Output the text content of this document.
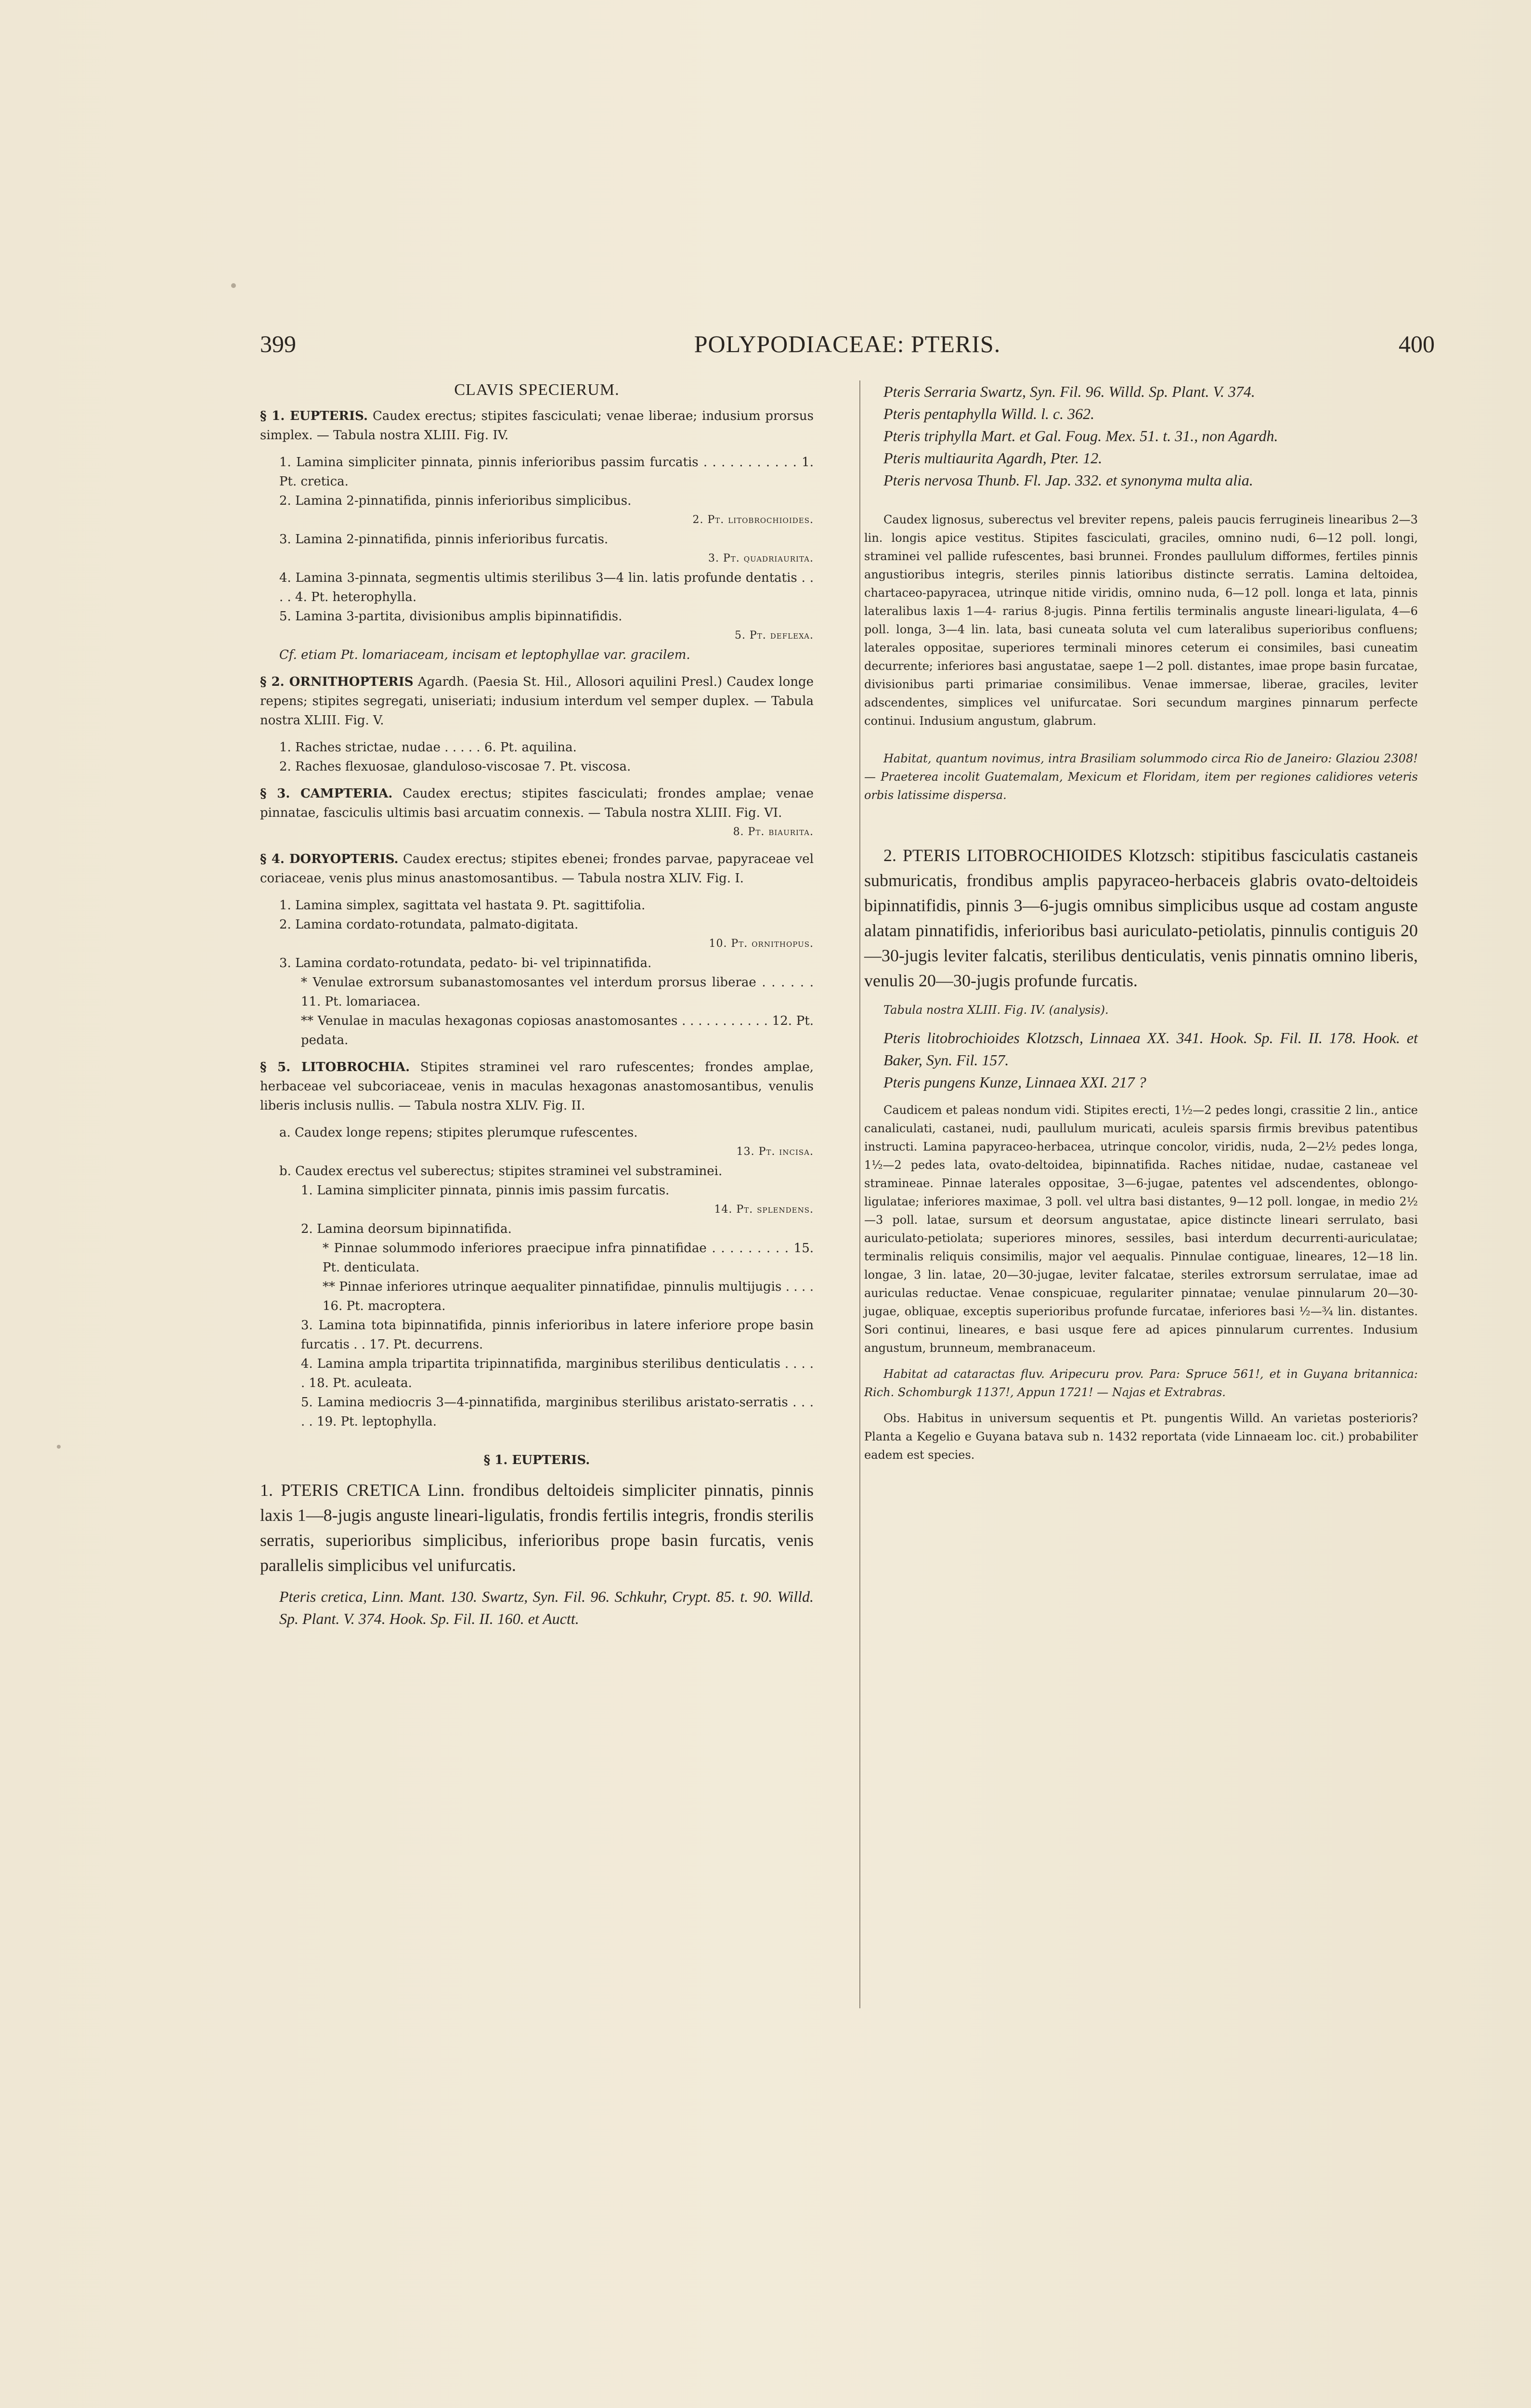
399	POLYPODIACEAE: PTERIS.	400
CLAVIS SPECIERUM.

§ 1. EUPTERIS. Caudex erectus; stipites fasciculati; venae liberae; indusium prorsus simplex. — Tabula nostra XLIII. Fig. IV.

1. Lamina simpliciter pinnata, pinnis inferioribus passim furcatis . . . . . . . . . . . 1. Pt. cretica.

2. Lamina 2-pinnatifida, pinnis inferioribus simplicibus.

2. Pt. litobrochioides.

3. Lamina 2-pinnatifida, pinnis inferioribus furcatis.

3. Pt. quadriaurita.

4. Lamina 3-pinnata, segmentis ultimis sterilibus 3—4 lin. latis profunde dentatis . . . . 4. Pt. heterophylla.

5. Lamina 3-partita, divisionibus amplis bipinnatifidis.

5. Pt. deflexa.

Cf. etiam Pt. lomariaceam, incisam et leptophyllae var. gracilem.

§ 2. ORNITHOPTERIS Agardh. (Paesia St. Hil., Allosori aquilini Presl.) Caudex longe repens; stipites segregati, uniseriati; indusium interdum vel semper duplex. — Tabula nostra XLIII. Fig. V.

1. Raches strictae, nudae . . . . . 6. Pt. aquilina.

2. Raches flexuosae, glanduloso-viscosae 7. Pt. viscosa.

§ 3. CAMPTERIA. Caudex erectus; stipites fasciculati; frondes amplae; venae pinnatae, fasciculis ultimis basi arcuatim connexis. — Tabula nostra XLIII. Fig. VI.

8. Pt. biaurita.

§ 4. DORYOPTERIS. Caudex erectus; stipites ebenei; frondes parvae, papyraceae vel coriaceae, venis plus minus anastomosantibus. — Tabula nostra XLIV. Fig. I.

1. Lamina simplex, sagittata vel hastata 9. Pt. sagittifolia.

2. Lamina cordato-rotundata, palmato-digitata.

10. Pt. ornithopus.

3. Lamina cordato-rotundata, pedato- bi- vel tripinnatifida.

* Venulae extrorsum subanastomosantes vel interdum prorsus liberae . . . . . . 11. Pt. lomariacea.

** Venulae in maculas hexagonas copiosas anastomosantes . . . . . . . . . . . 12. Pt. pedata.

§ 5. LITOBROCHIA. Stipites straminei vel raro rufescentes; frondes amplae, herbaceae vel subcoriaceae, venis in maculas hexagonas anastomosantibus, venulis liberis inclusis nullis. — Tabula nostra XLIV. Fig. II.

a. Caudex longe repens; stipites plerumque rufescentes.

13. Pt. incisa.

b. Caudex erectus vel suberectus; stipites straminei vel substraminei.

1. Lamina simpliciter pinnata, pinnis imis passim furcatis.

14. Pt. splendens.

2. Lamina deorsum bipinnatifida.

* Pinnae solummodo inferiores praecipue infra pinnatifidae . . . . . . . . . 15. Pt. denticulata.

** Pinnae inferiores utrinque aequaliter pinnatifidae, pinnulis multijugis . . . . 16. Pt. macroptera.

3. Lamina tota bipinnatifida, pinnis inferioribus in latere inferiore prope basin furcatis . . 17. Pt. decurrens.

4. Lamina ampla tripartita tripinnatifida, marginibus sterilibus denticulatis . . . . . 18. Pt. aculeata.

5. Lamina mediocris 3—4-pinnatifida, marginibus sterilibus aristato-serratis . . . . . 19. Pt. leptophylla.

§ 1. EUPTERIS.

1. PTERIS CRETICA Linn. frondibus deltoideis simpliciter pinnatis, pinnis laxis 1—8-jugis anguste lineari-ligulatis, frondis fertilis integris, frondis sterilis serratis, superioribus simplicibus, inferioribus prope basin furcatis, venis parallelis simplicibus vel unifurcatis.

Pteris cretica, Linn. Mant. 130. Swartz, Syn. Fil. 96. Schkuhr, Crypt. 85. t. 90. Willd. Sp. Plant. V. 374. Hook. Sp. Fil. II. 160. et Auctt.

Pteris Serraria Swartz, Syn. Fil. 96. Willd. Sp. Plant. V. 374.

Pteris pentaphylla Willd. l. c. 362.

Pteris triphylla Mart. et Gal. Foug. Mex. 51. t. 31., non Agardh.

Pteris multiaurita Agardh, Pter. 12.

Pteris nervosa Thunb. Fl. Jap. 332. et synonyma multa alia.

Caudex lignosus, suberectus vel breviter repens, paleis paucis ferrugineis linearibus 2—3 lin. longis apice vestitus. Stipites fasciculati, graciles, omnino nudi, 6—12 poll. longi, straminei vel pallide rufescentes, basi brunnei. Frondes paullulum difformes, fertiles pinnis angustioribus integris, steriles pinnis latioribus distincte serratis. Lamina deltoidea, chartaceo-papyracea, utrinque nitide viridis, omnino nuda, 6—12 poll. longa et lata, pinnis lateralibus laxis 1—4- rarius 8-jugis. Pinna fertilis terminalis anguste lineari-ligulata, 4—6 poll. longa, 3—4 lin. lata, basi cuneata soluta vel cum lateralibus superioribus confluens; laterales oppositae, superiores terminali minores ceterum ei consimiles, basi cuneatim decurrente; inferiores basi angustatae, saepe 1—2 poll. distantes, imae prope basin furcatae, divisionibus parti primariae consimilibus. Venae immersae, liberae, graciles, leviter adscendentes, simplices vel unifurcatae. Sori secundum margines pinnarum perfecte continui. Indusium angustum, glabrum.

Habitat, quantum novimus, intra Brasiliam solummodo circa Rio de Janeiro: Glaziou 2308! — Praeterea incolit Guatemalam, Mexicum et Floridam, item per regiones calidiores veteris orbis latissime dispersa.

2. PTERIS LITOBROCHIOIDES Klotzsch: stipitibus fasciculatis castaneis submuricatis, frondibus amplis papyraceo-herbaceis glabris ovato-deltoideis bipinnatifidis, pinnis 3—6-jugis omnibus simplicibus usque ad costam anguste alatam pinnatifidis, inferioribus basi auriculato-petiolatis, pinnulis contiguis 20—30-jugis leviter falcatis, sterilibus denticulatis, venis pinnatis omnino liberis, venulis 20—30-jugis profunde furcatis.

Tabula nostra XLIII. Fig. IV. (analysis).

Pteris litobrochioides Klotzsch, Linnaea XX. 341. Hook. Sp. Fil. II. 178. Hook. et Baker, Syn. Fil. 157.

Pteris pungens Kunze, Linnaea XXI. 217 ?

Caudicem et paleas nondum vidi. Stipites erecti, 1½—2 pedes longi, crassitie 2 lin., antice canaliculati, castanei, nudi, paullulum muricati, aculeis sparsis firmis brevibus patentibus instructi. Lamina papyraceo-herbacea, utrinque concolor, viridis, nuda, 2—2½ pedes longa, 1½—2 pedes lata, ovato-deltoidea, bipinnatifida. Raches nitidae, nudae, castaneae vel stramineae. Pinnae laterales oppositae, 3—6-jugae, patentes vel adscendentes, oblongo-ligulatae; inferiores maximae, 3 poll. vel ultra basi distantes, 9—12 poll. longae, in medio 2½—3 poll. latae, sursum et deorsum angustatae, apice distincte lineari serrulato, basi auriculato-petiolata; superiores minores, sessiles, basi interdum decurrenti-auriculatae; terminalis reliquis consimilis, major vel aequalis. Pinnulae contiguae, lineares, 12—18 lin. longae, 3 lin. latae, 20—30-jugae, leviter falcatae, steriles extrorsum serrulatae, imae ad auriculas reductae. Venae conspicuae, regulariter pinnatae; venulae pinnularum 20—30-jugae, obliquae, exceptis superioribus profunde furcatae, inferiores basi ½—¾ lin. distantes. Sori continui, lineares, e basi usque fere ad apices pinnularum currentes. Indusium angustum, brunneum, membranaceum.

Habitat ad cataractas fluv. Aripecuru prov. Para: Spruce 561!, et in Guyana britannica: Rich. Schomburgk 1137!, Appun 1721! — Najas et Extrabras.

Obs. Habitus in universum sequentis et Pt. pungentis Willd. An varietas posterioris? Planta a Kegelio e Guyana batava sub n. 1432 reportata (vide Linnaeam loc. cit.) probabiliter eadem est species.
